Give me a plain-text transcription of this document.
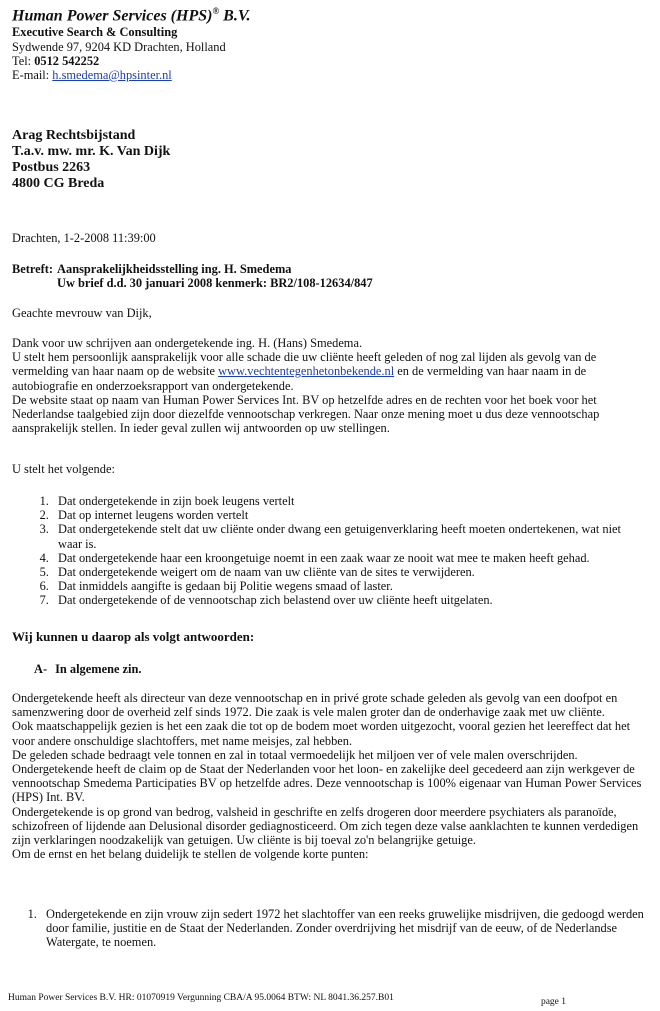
Human Power Services (HPS)® B.V.
Executive Search & Consulting
Sydwende 97, 9204 KD Drachten, Holland
Tel: 0512 542252
E-mail: h.smedema@hpsinter.nl
Arag Rechtsbijstand
T.a.v. mw. mr. K. Van Dijk
Postbus 2263
4800 CG Breda
Drachten, 1-2-2008 11:39:00
Betreft:	Aansprakelijkheidsstelling ing. H. Smedema
	Uw brief d.d. 30 januari 2008 kenmerk: BR2/108-12634/847
Geachte mevrouw van Dijk,

Dank voor uw schrijven aan ondergetekende ing. H. (Hans) Smedema.

U stelt hem persoonlijk aansprakelijk voor alle schade die uw cliënte heeft geleden of nog zal lijden als gevolg van de vermelding van haar naam op de website www.vechtentegenhetonbekende.nl en de vermelding van haar naam in de autobiografie en onderzoeksrapport van ondergetekende.

De website staat op naam van Human Power Services Int. BV op hetzelfde adres en de rechten voor het boek voor het Nederlandse taalgebied zijn door diezelfde vennootschap verkregen. Naar onze mening moet u dus deze vennootschap aansprakelijk stellen. In ieder geval zullen wij antwoorden op uw stellingen.

U stelt het volgende:
1. Dat ondergetekende in zijn boek leugens vertelt
2. Dat op internet leugens worden vertelt
3. Dat ondergetekende stelt dat uw cliënte onder dwang een getuigenverklaring heeft moeten ondertekenen, wat niet waar is.
4. Dat ondergetekende haar een kroongetuige noemt in een zaak waar ze nooit wat mee te maken heeft gehad.
5. Dat ondergetekende weigert om de naam van uw cliënte van de sites te verwijderen.
6. Dat inmiddels aangifte is gedaan bij Politie wegens smaad of laster.
7. Dat ondergetekende of de vennootschap zich belastend over uw cliënte heeft uitgelaten.
Wij kunnen u daarop als volgt antwoorden:
A- In algemene zin.

Ondergetekende heeft als directeur van deze vennootschap en in privé grote schade geleden als gevolg van een doofpot en samenzwering door de overheid zelf sinds 1972. Die zaak is vele malen groter dan de onderhavige zaak met uw cliënte.

Ook maatschappelijk gezien is het een zaak die tot op de bodem moet worden uitgezocht, vooral gezien het leereffect dat het voor andere onschuldige slachtoffers, met name meisjes, zal hebben.

De geleden schade bedraagt vele tonnen en zal in totaal vermoedelijk het miljoen ver of vele malen overschrijden.

Ondergetekende heeft de claim op de Staat der Nederlanden voor het loon- en zakelijke deel gecedeerd aan zijn werkgever de vennootschap Smedema Participaties BV op hetzelfde adres. Deze vennootschap is 100% eigenaar van Human Power Services (HPS) Int. BV.

Ondergetekende is op grond van bedrog, valsheid in geschrifte en zelfs drogeren door meerdere psychiaters als paranoïde, schizofreen of lijdende aan Delusional disorder gediagnosticeerd. Om zich tegen deze valse aanklachten te kunnen verdedigen zijn verklaringen noodzakelijk van getuigen. Uw cliënte is bij toeval zo'n belangrijke getuige.

Om de ernst en het belang duidelijk te stellen de volgende korte punten:

1. Ondergetekende en zijn vrouw zijn sedert 1972 het slachtoffer van een reeks gruwelijke misdrijven, die gedoogd werden door familie, justitie en de Staat der Nederlanden. Zonder overdrijving het misdrijf van de eeuw, of de Nederlandse Watergate, te noemen.
Human Power Services B.V. HR: 01070919 Vergunning CBA/A 95.0064 BTW: NL 8041.36.257.B01	page 1
